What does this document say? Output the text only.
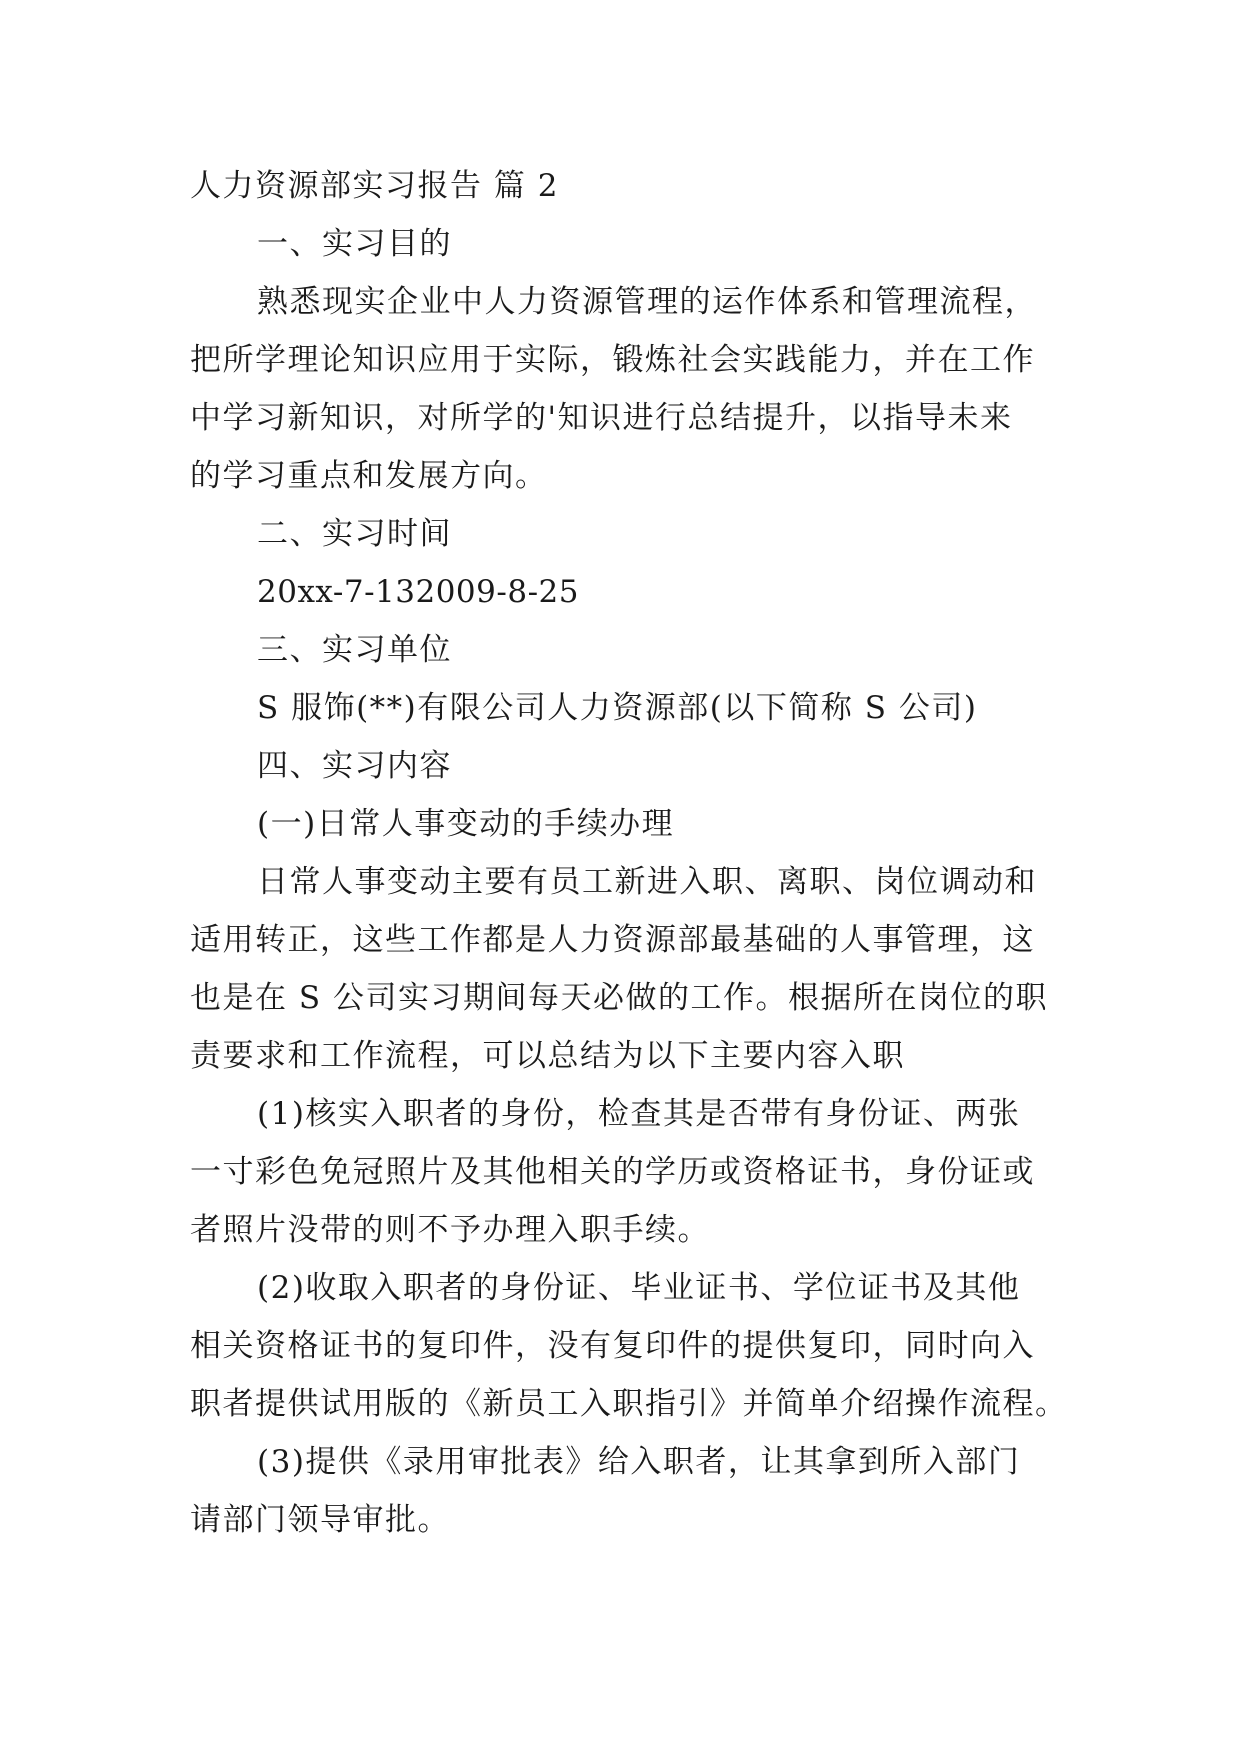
人力资源部实习报告 篇 2
一、实习目的
熟悉现实企业中人力资源管理的运作体系和管理流程，
把所学理论知识应用于实际，锻炼社会实践能力，并在工作
中学习新知识，对所学的'知识进行总结提升，以指导未来
的学习重点和发展方向。
二、实习时间
20xx-7-132009-8-25
三、实习单位
S 服饰(**)有限公司人力资源部(以下简称 S 公司)
四、实习内容
(一)日常人事变动的手续办理
日常人事变动主要有员工新进入职、离职、岗位调动和
适用转正，这些工作都是人力资源部最基础的人事管理，这
也是在 S 公司实习期间每天必做的工作。根据所在岗位的职
责要求和工作流程，可以总结为以下主要内容入职
(1)核实入职者的身份，检查其是否带有身份证、两张
一寸彩色免冠照片及其他相关的学历或资格证书，身份证或
者照片没带的则不予办理入职手续。
(2)收取入职者的身份证、毕业证书、学位证书及其他
相关资格证书的复印件，没有复印件的提供复印，同时向入
职者提供试用版的《新员工入职指引》并简单介绍操作流程。
(3)提供《录用审批表》给入职者，让其拿到所入部门
请部门领导审批。
